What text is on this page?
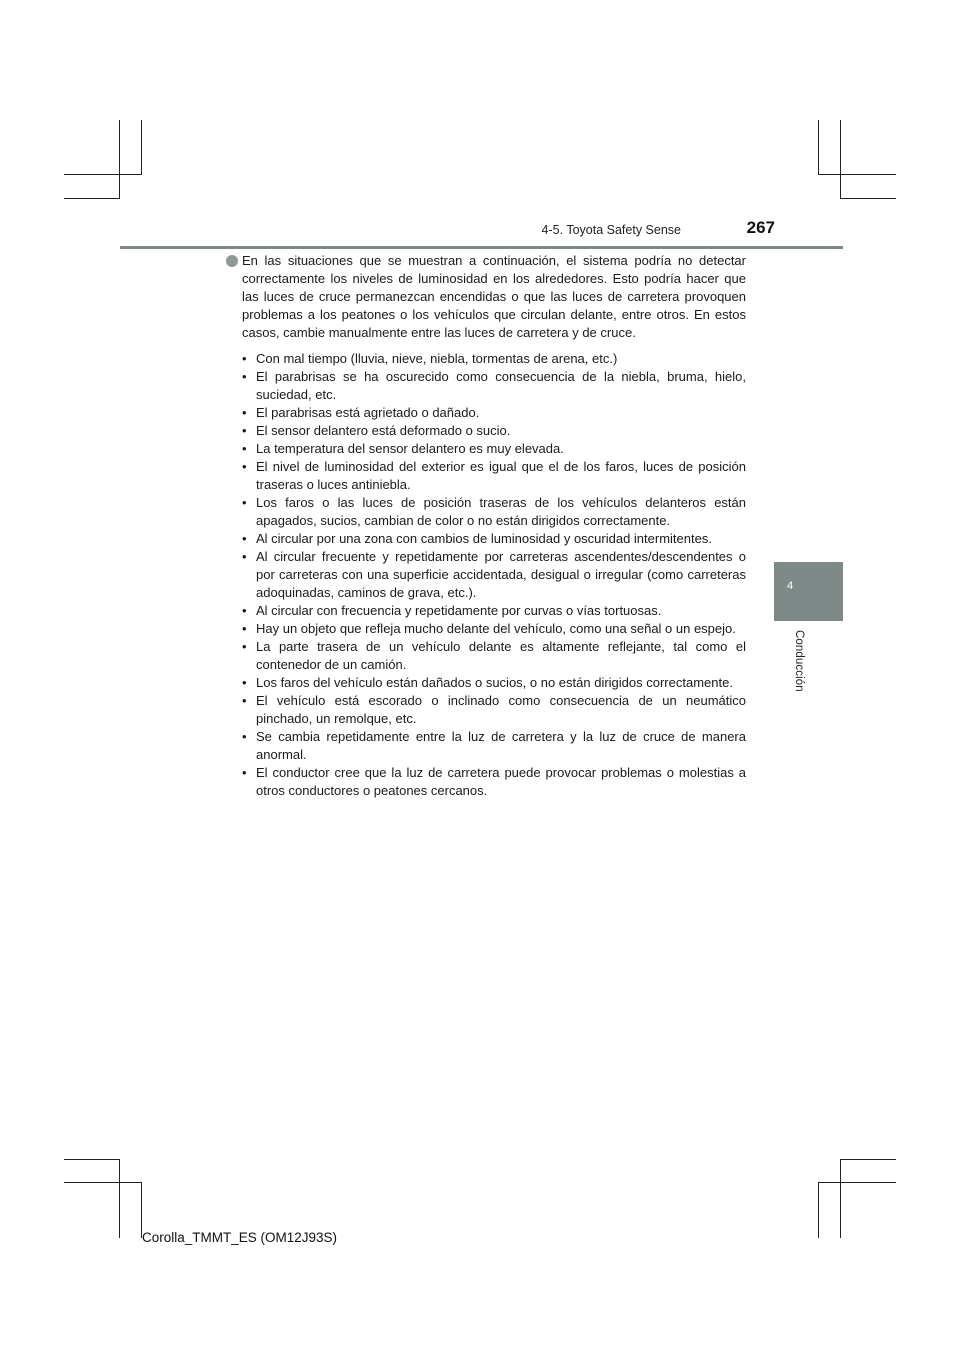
4-5. Toyota Safety Sense	267
4
Conducción

En las situaciones que se muestran a continuación, el sistema podría no detectar correctamente los niveles de luminosidad en los alrededores. Esto podría hacer que las luces de cruce permanezcan encendidas o que las luces de carretera provoquen problemas a los peatones o los vehículos que circulan delante, entre otros. En estos casos, cambie manualmente entre las luces de carretera y de cruce.

• Con mal tiempo (lluvia, nieve, niebla, tormentas de arena, etc.)
• El parabrisas se ha oscurecido como consecuencia de la niebla, bruma, hielo, suciedad, etc.
• El parabrisas está agrietado o dañado.
• El sensor delantero está deformado o sucio.
• La temperatura del sensor delantero es muy elevada.
• El nivel de luminosidad del exterior es igual que el de los faros, luces de posición traseras o luces antiniebla.
• Los faros o las luces de posición traseras de los vehículos delanteros están apagados, sucios, cambian de color o no están dirigidos correctamente.
• Al circular por una zona con cambios de luminosidad y oscuridad intermitentes.
• Al circular frecuente y repetidamente por carreteras ascendentes/descendentes o por carreteras con una superficie accidentada, desigual o irregular (como carreteras adoquinadas, caminos de grava, etc.).
• Al circular con frecuencia y repetidamente por curvas o vías tortuosas.
• Hay un objeto que refleja mucho delante del vehículo, como una señal o un espejo.
• La parte trasera de un vehículo delante es altamente reflejante, tal como el contenedor de un camión.
• Los faros del vehículo están dañados o sucios, o no están dirigidos correctamente.
• El vehículo está escorado o inclinado como consecuencia de un neumático pinchado, un remolque, etc.
• Se cambia repetidamente entre la luz de carretera y la luz de cruce de manera anormal.
• El conductor cree que la luz de carretera puede provocar problemas o molestias a otros conductores o peatones cercanos.
Corolla_TMMT_ES (OM12J93S)
